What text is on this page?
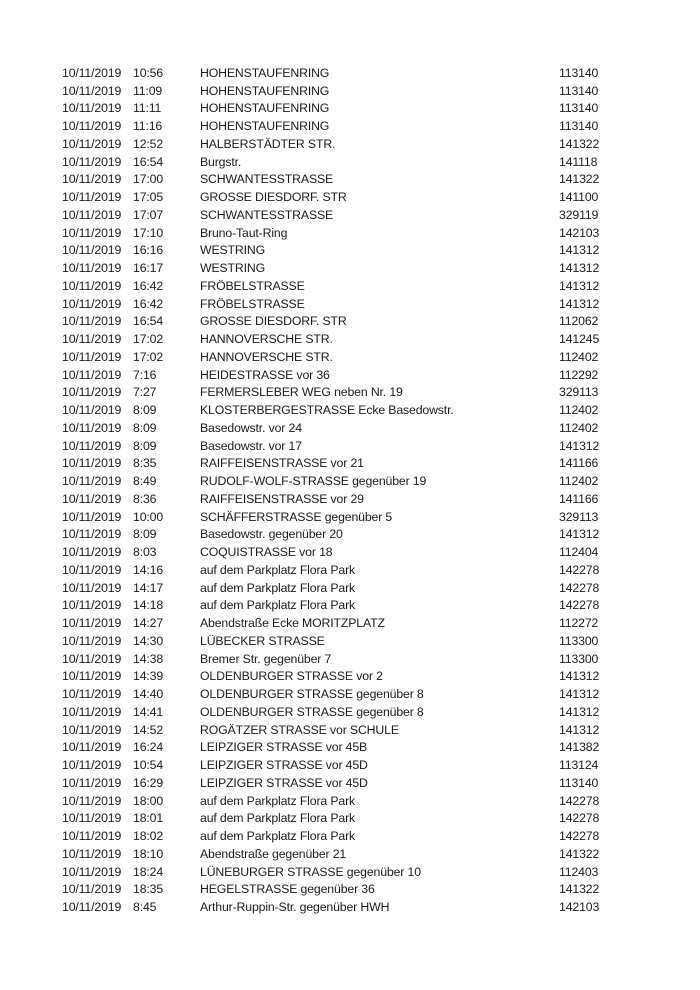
10/11/2019 10:56	HOHENSTAUFENRING	113140
10/11/2019 11:09	HOHENSTAUFENRING	113140
10/11/2019 11:11	HOHENSTAUFENRING	113140
10/11/2019 11:16	HOHENSTAUFENRING	113140
10/11/2019 12:52	HALBERSTÄDTER STR.	141322
10/11/2019 16:54	Burgstr.	141118
10/11/2019 17:00	SCHWANTESSTRASSE	141322
10/11/2019 17:05	GROSSE DIESDORF. STR	141100
10/11/2019 17:07	SCHWANTESSTRASSE	329119
10/11/2019 17:10	Bruno-Taut-Ring	142103
10/11/2019 16:16	WESTRING	141312
10/11/2019 16:17	WESTRING	141312
10/11/2019 16:42	FRÖBELSTRASSE	141312
10/11/2019 16:42	FRÖBELSTRASSE	141312
10/11/2019 16:54	GROSSE DIESDORF. STR	112062
10/11/2019 17:02	HANNOVERSCHE STR.	141245
10/11/2019 17:02	HANNOVERSCHE STR.	112402
10/11/2019 7:16	HEIDESTRASSE vor 36	112292
10/11/2019 7:27	FERMERSLEBER WEG neben Nr. 19	329113
10/11/2019 8:09	KLOSTERBERGESTRASSE Ecke Basedowstr.	112402
10/11/2019 8:09	Basedowstr. vor 24	112402
10/11/2019 8:09	Basedowstr. vor 17	141312
10/11/2019 8:35	RAIFFEISENSTRASSE vor 21	141166
10/11/2019 8:49	RUDOLF-WOLF-STRASSE gegenüber 19	112402
10/11/2019 8:36	RAIFFEISENSTRASSE vor 29	141166
10/11/2019 10:00	SCHÄFFERSTRASSE gegenüber 5	329113
10/11/2019 8:09	Basedowstr. gegenüber 20	141312
10/11/2019 8:03	COQUISTRASSE vor 18	112404
10/11/2019 14:16	auf dem Parkplatz Flora Park	142278
10/11/2019 14:17	auf dem Parkplatz Flora Park	142278
10/11/2019 14:18	auf dem Parkplatz Flora Park	142278
10/11/2019 14:27	Abendstraße Ecke MORITZPLATZ	112272
10/11/2019 14:30	LÜBECKER STRASSE	113300
10/11/2019 14:38	Bremer Str. gegenüber 7	113300
10/11/2019 14:39	OLDENBURGER STRASSE vor 2	141312
10/11/2019 14:40	OLDENBURGER STRASSE gegenüber 8	141312
10/11/2019 14:41	OLDENBURGER STRASSE gegenüber 8	141312
10/11/2019 14:52	ROGÄTZER STRASSE vor SCHULE	141312
10/11/2019 16:24	LEIPZIGER STRASSE vor 45B	141382
10/11/2019 10:54	LEIPZIGER STRASSE vor 45D	113124
10/11/2019 16:29	LEIPZIGER STRASSE vor 45D	113140
10/11/2019 18:00	auf dem Parkplatz Flora Park	142278
10/11/2019 18:01	auf dem Parkplatz Flora Park	142278
10/11/2019 18:02	auf dem Parkplatz Flora Park	142278
10/11/2019 18:10	Abendstraße gegenüber 21	141322
10/11/2019 18:24	LÜNEBURGER STRASSE gegenüber 10	112403
10/11/2019 18:35	HEGELSTRASSE gegenüber 36	141322
10/11/2019 8:45	Arthur-Ruppin-Str. gegenüber HWH	142103
